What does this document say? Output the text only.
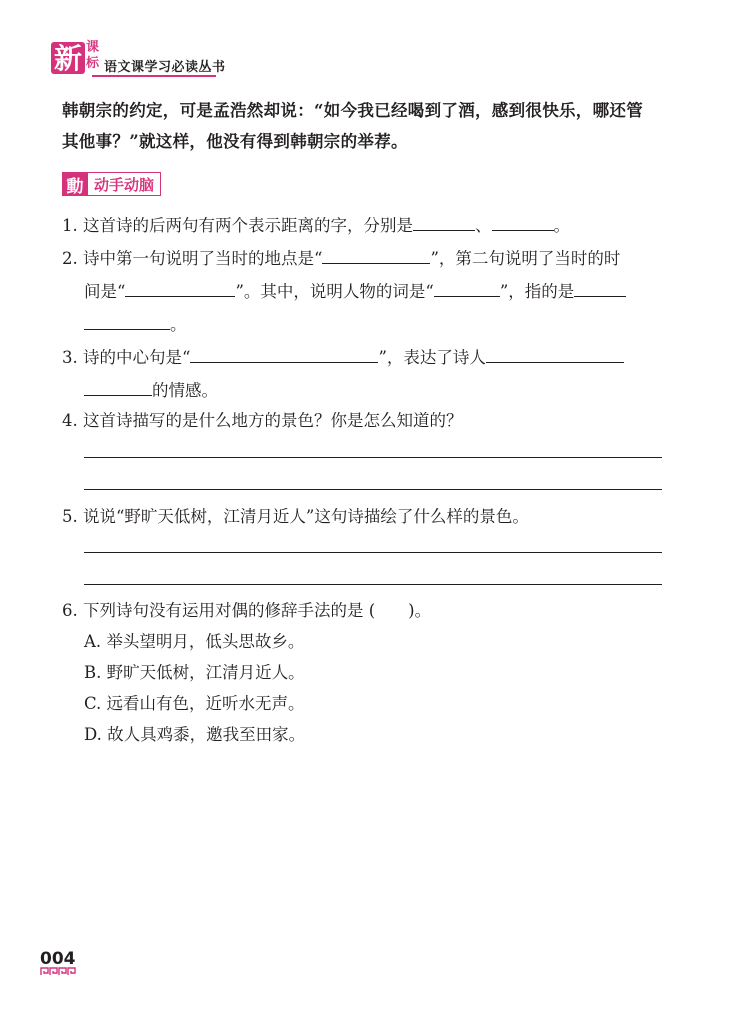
新 课标 语文课学习必读丛书
韩朝宗的约定，可是孟浩然却说：“如今我已经喝到了酒，感到很快乐，哪还管
其他事？”就这样，他没有得到韩朝宗的举荐。
動 动手动脑
1. 这首诗的后两句有两个表示距离的字，分别是	、	。
2. 诗中第一句说明了当时的地点是“	”，第二句说明了当时的时
间是“	”。其中，说明人物的词是“	”，指的是
。
3. 诗的中心句是“	”，表达了诗人
的情感。
4. 这首诗描写的是什么地方的景色？你是怎么知道的？
5. 说说“野旷天低树，江清月近人”这句诗描绘了什么样的景色。
6. 下列诗句没有运用对偶的修辞手法的是 (　　)。
A. 举头望明月，低头思故乡。
B. 野旷天低树，江清月近人。
C. 远看山有色，近听水无声。
D. 故人具鸡黍，邀我至田家。
004
